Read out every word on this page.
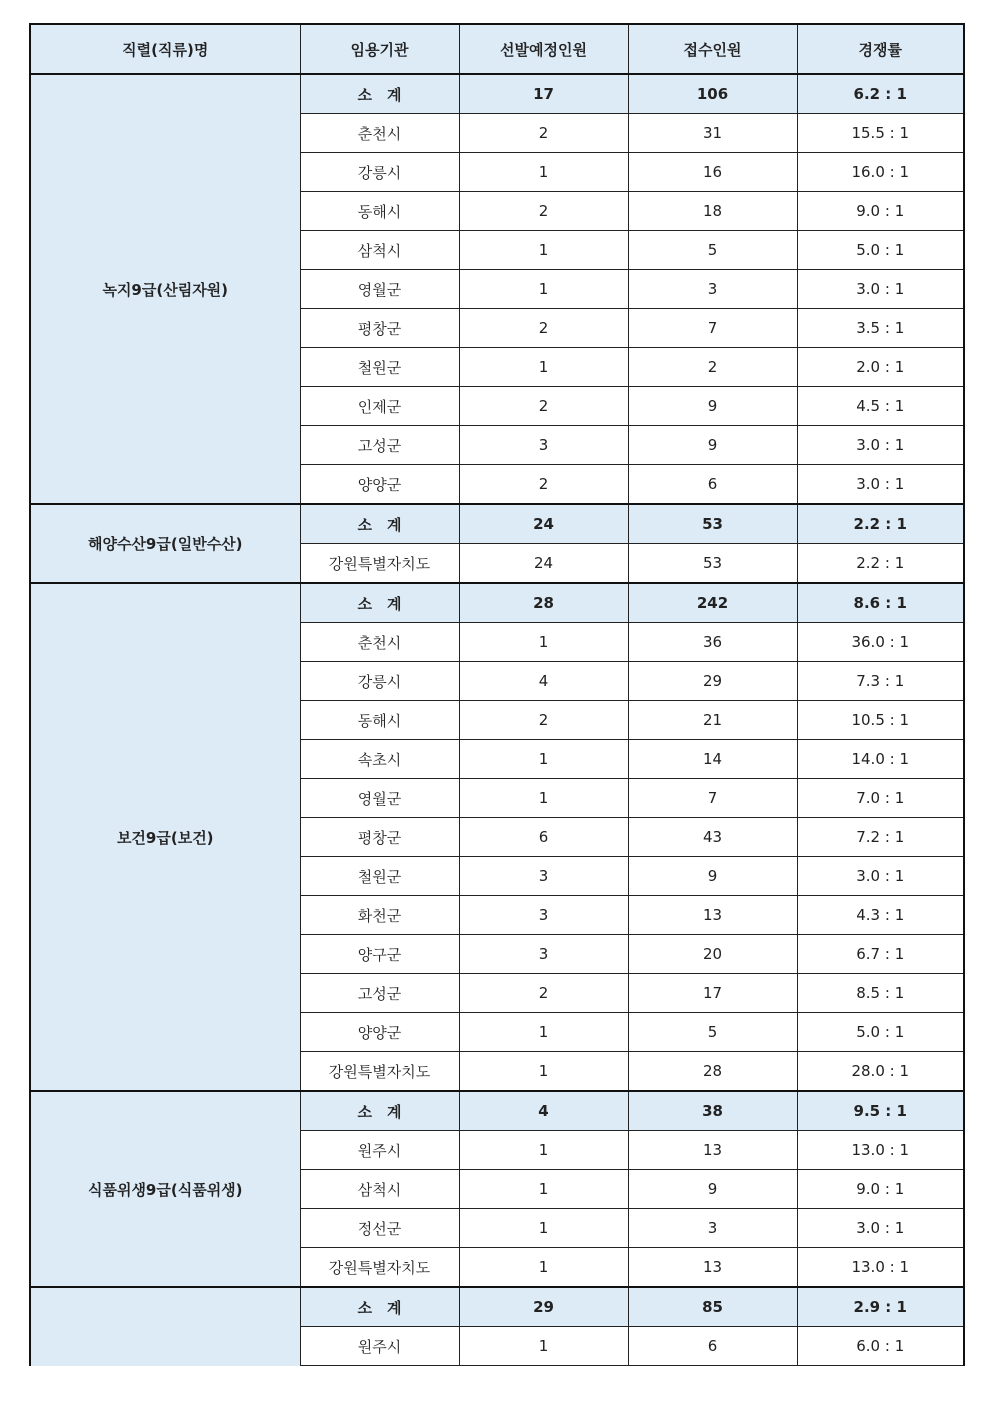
직렬(직류)명	임용기관	선발예정인원	접수인원	경쟁률
녹지9급(산림자원)	소　계	17	106	6.2 : 1
	춘천시	2	31	15.5 : 1
	강릉시	1	16	16.0 : 1
	동해시	2	18	9.0 : 1
	삼척시	1	5	5.0 : 1
	영월군	1	3	3.0 : 1
	평창군	2	7	3.5 : 1
	철원군	1	2	2.0 : 1
	인제군	2	9	4.5 : 1
	고성군	3	9	3.0 : 1
	양양군	2	6	3.0 : 1
해양수산9급(일반수산)	소　계	24	53	2.2 : 1
	강원특별자치도	24	53	2.2 : 1
보건9급(보건)	소　계	28	242	8.6 : 1
	춘천시	1	36	36.0 : 1
	강릉시	4	29	7.3 : 1
	동해시	2	21	10.5 : 1
	속초시	1	14	14.0 : 1
	영월군	1	7	7.0 : 1
	평창군	6	43	7.2 : 1
	철원군	3	9	3.0 : 1
	화천군	3	13	4.3 : 1
	양구군	3	20	6.7 : 1
	고성군	2	17	8.5 : 1
	양양군	1	5	5.0 : 1
	강원특별자치도	1	28	28.0 : 1
식품위생9급(식품위생)	소　계	4	38	9.5 : 1
	원주시	1	13	13.0 : 1
	삼척시	1	9	9.0 : 1
	정선군	1	3	3.0 : 1
	강원특별자치도	1	13	13.0 : 1
	소　계	29	85	2.9 : 1
	원주시	1	6	6.0 : 1
